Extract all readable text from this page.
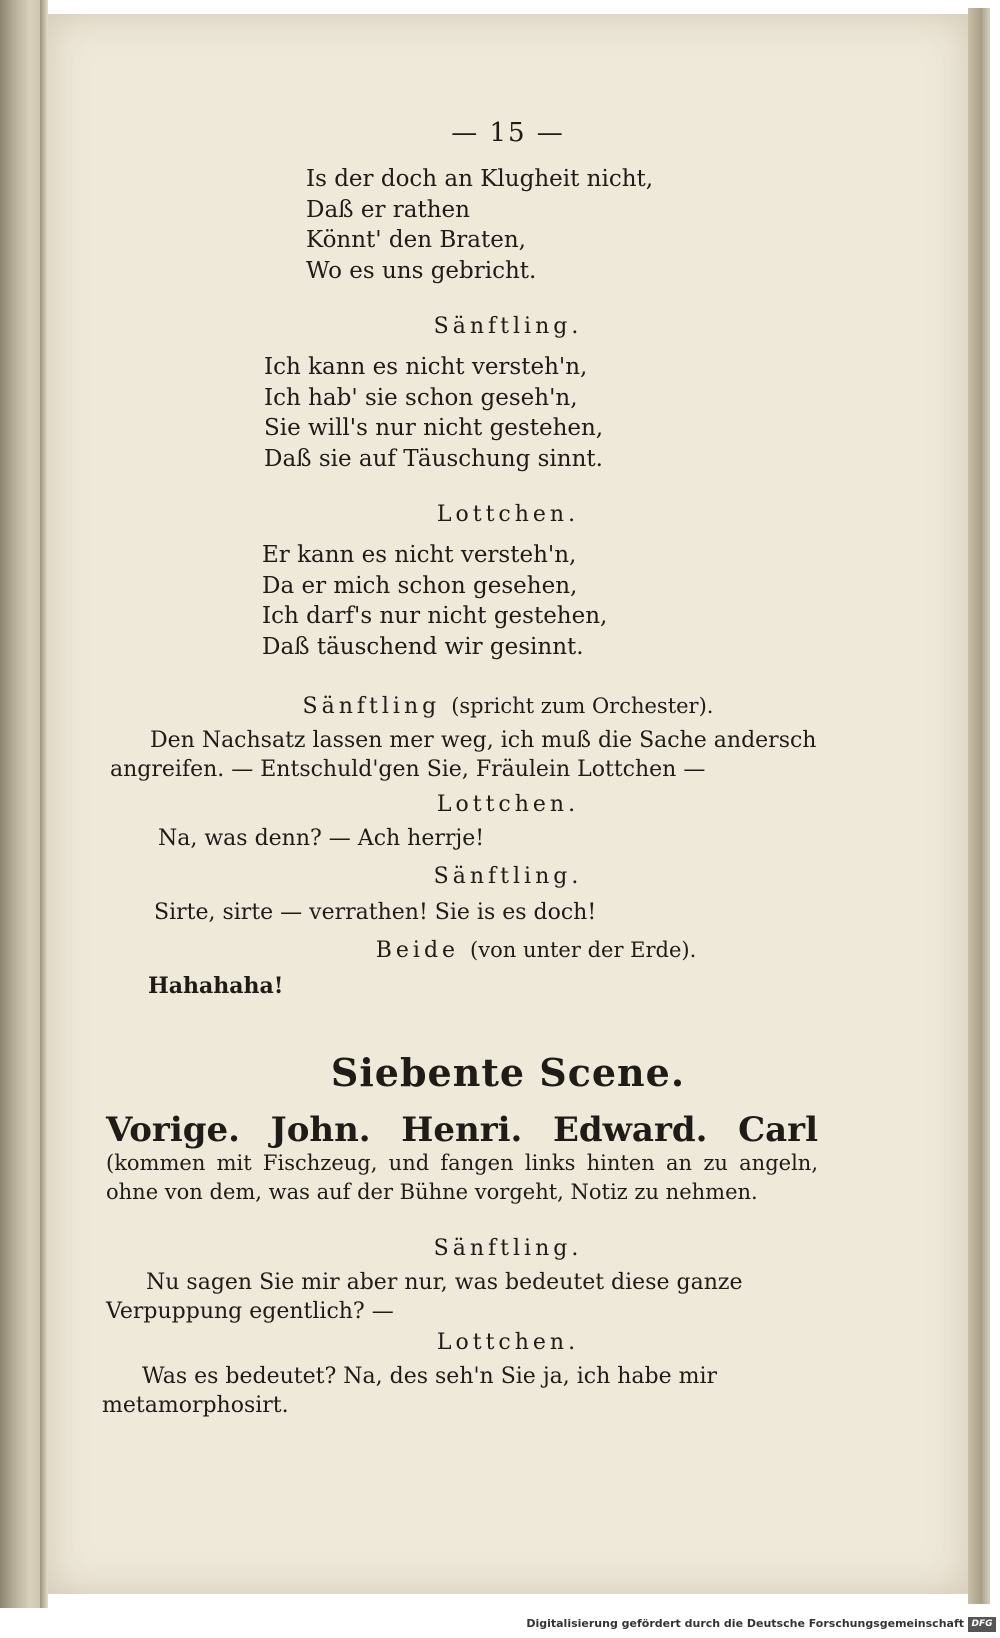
— 15 —
Is der doch an Klugheit nicht,
Daß er rathen
Könnt' den Braten,
Wo es uns gebricht.
Sänftling.
Ich kann es nicht versteh'n,
Ich hab' sie schon geseh'n,
Sie will's nur nicht gestehen,
Daß sie auf Täuschung sinnt.
Lottchen.
Er kann es nicht versteh'n,
Da er mich schon gesehen,
Ich darf's nur nicht gestehen,
Daß täuschend wir gesinnt.
Sänftling (spricht zum Orchester).
Den Nachsatz lassen mer weg, ich muß die Sache andersch
angreifen. — Entschuld'gen Sie, Fräulein Lottchen —
Lottchen.
Na, was denn? — Ach herrje!
Sänftling.
Sirte, sirte — verrathen! Sie is es doch!
Beide (von unter der Erde).
Hahahaha!
Siebente Scene.
Vorige. John. Henri. Edward. Carl (kommen mit Fischzeug, und fangen links hinten an zu angeln, ohne von dem, was auf der Bühne vorgeht, Notiz zu nehmen.
Sänftling.
Nu sagen Sie mir aber nur, was bedeutet diese ganze
Verpuppung egentlich? —
Lottchen.
Was es bedeutet? Na, des seh'n Sie ja, ich habe mir
metamorphosirt.
Digitalisierung gefördert durch die Deutsche Forschungsgemeinschaft DFG
